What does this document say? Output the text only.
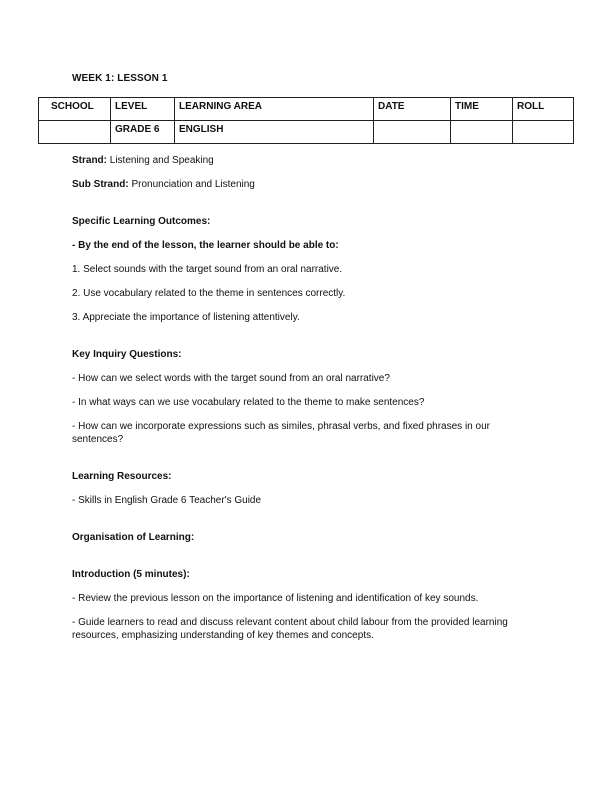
WEEK 1: LESSON 1
SCHOOL	LEVEL	LEARNING AREA	DATE	TIME	ROLL
	GRADE 6	ENGLISH			

Strand: Listening and Speaking

Sub Strand: Pronunciation and Listening

Specific Learning Outcomes:

- By the end of the lesson, the learner should be able to:

1. Select sounds with the target sound from an oral narrative.

2. Use vocabulary related to the theme in sentences correctly.

3. Appreciate the importance of listening attentively.

Key Inquiry Questions:

- How can we select words with the target sound from an oral narrative?

- In what ways can we use vocabulary related to the theme to make sentences?

- How can we incorporate expressions such as similes, phrasal verbs, and fixed phrases in our sentences?

Learning Resources:

- Skills in English Grade 6 Teacher's Guide

Organisation of Learning:

Introduction (5 minutes):

- Review the previous lesson on the importance of listening and identification of key sounds.

- Guide learners to read and discuss relevant content about child labour from the provided learning resources, emphasizing understanding of key themes and concepts.
